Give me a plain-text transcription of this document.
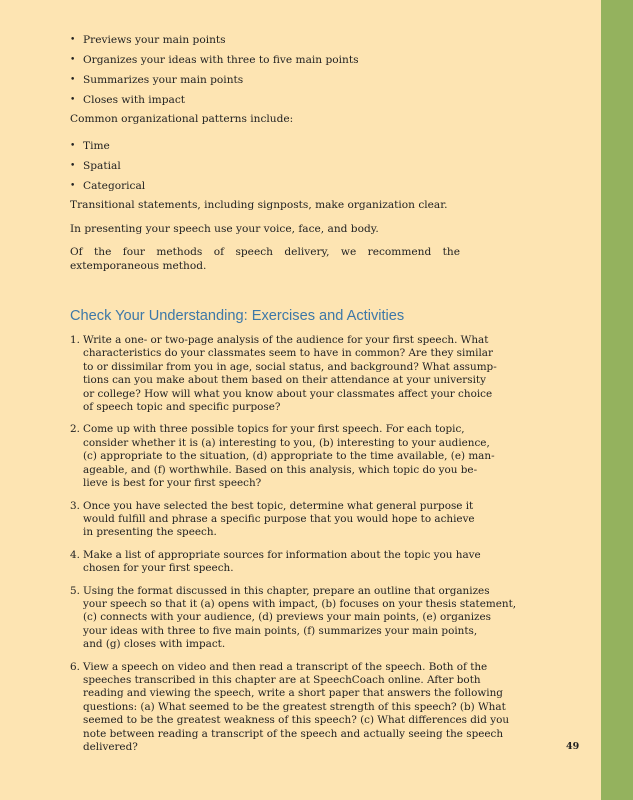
• Previews your main points
• Organizes your ideas with three to five main points
• Summarizes your main points
• Closes with impact

Common organizational patterns include:

• Time
• Spatial
• Categorical

Transitional statements, including signposts, make organization clear.

In presenting your speech use your voice, face, and body.

Of the four methods of speech delivery, we recommend the extemporaneous method.

Check Your Understanding: Exercises and Activities
1. Write a one- or two-page analysis of the audience for your first speech. What
characteristics do your classmates seem to have in common? Are they similar
to or dissimilar from you in age, social status, and background? What assump-
tions can you make about them based on their attendance at your university
or college? How will what you know about your classmates affect your choice
of speech topic and specific purpose?
2. Come up with three possible topics for your first speech. For each topic,
consider whether it is (a) interesting to you, (b) interesting to your audience,
(c) appropriate to the situation, (d) appropriate to the time available, (e) man-
ageable, and (f) worthwhile. Based on this analysis, which topic do you be-
lieve is best for your first speech?
3. Once you have selected the best topic, determine what general purpose it
would fulfill and phrase a specific purpose that you would hope to achieve
in presenting the speech.
4. Make a list of appropriate sources for information about the topic you have
chosen for your first speech.
5. Using the format discussed in this chapter, prepare an outline that organizes
your speech so that it (a) opens with impact, (b) focuses on your thesis statement,
(c) connects with your audience, (d) previews your main points, (e) organizes
your ideas with three to five main points, (f) summarizes your main points,
and (g) closes with impact.
6. View a speech on video and then read a transcript of the speech. Both of the
speeches transcribed in this chapter are at SpeechCoach online. After both
reading and viewing the speech, write a short paper that answers the following
questions: (a) What seemed to be the greatest strength of this speech? (b) What
seemed to be the greatest weakness of this speech? (c) What differences did you
note between reading a transcript of the speech and actually seeing the speech
delivered?	49
